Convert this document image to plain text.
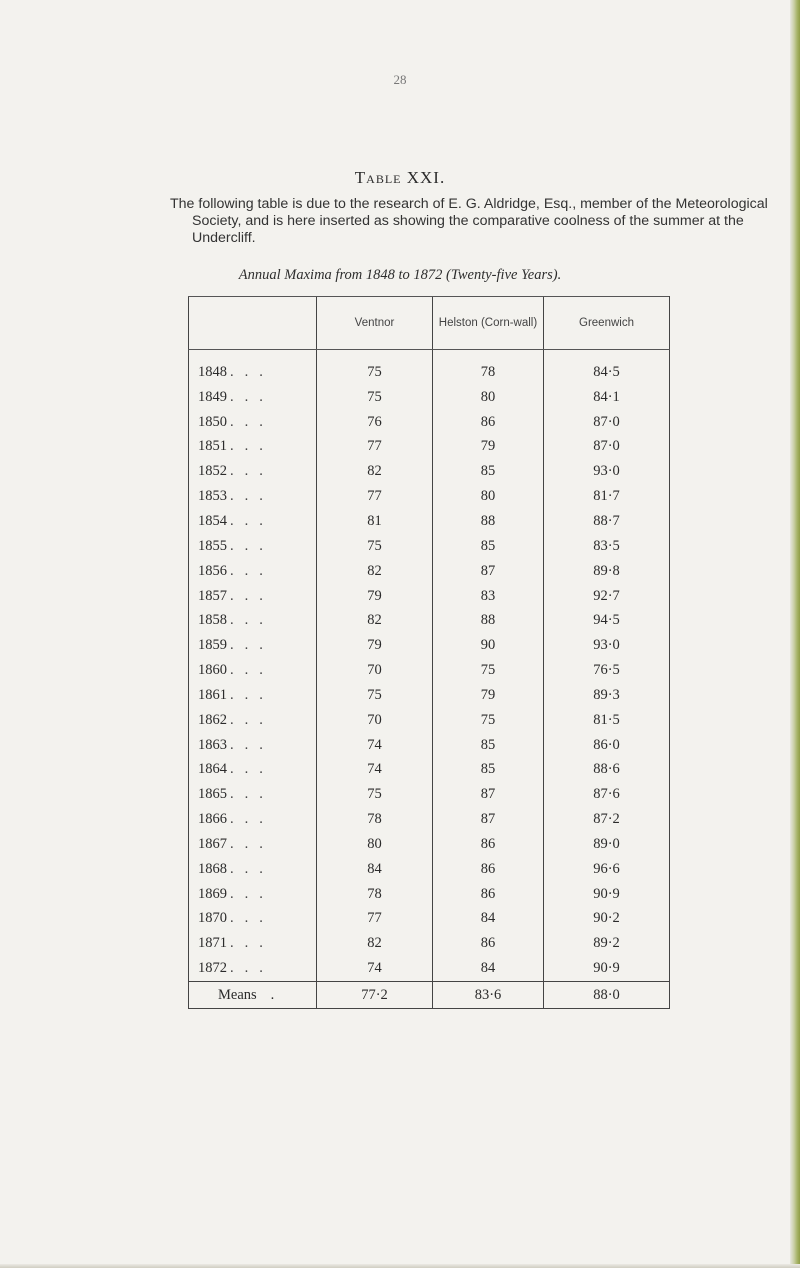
28
Table XXI.
The following table is due to the research of E. G. Aldridge, Esq., member of the Meteorological Society, and is here inserted as showing the comparative coolness of the summer at the Undercliff.
Annual Maxima from 1848 to 1872 (Twenty-five Years).
	Ventnor	Helston (Corn-wall)	Greenwich
1848 ...	75	78	84·5
1849 ...	75	80	84·1
1850 ...	76	86	87·0
1851 ...	77	79	87·0
1852 ...	82	85	93·0
1853 ...	77	80	81·7
1854 ...	81	88	88·7
1855 ...	75	85	83·5
1856 ...	82	87	89·8
1857 ...	79	83	92·7
1858 ...	82	88	94·5
1859 ...	79	90	93·0
1860 ...	70	75	76·5
1861 ...	75	79	89·3
1862 ...	70	75	81·5
1863 ...	74	85	86·0
1864 ...	74	85	88·6
1865 ...	75	87	87·6
1866 ...	78	87	87·2
1867 ...	80	86	89·0
1868 ...	84	86	96·6
1869 ...	78	86	90·9
1870 ...	77	84	90·2
1871 ...	82	86	89·2
1872 ...	74	84	90·9
Means .	77·2	83·6	88·0
